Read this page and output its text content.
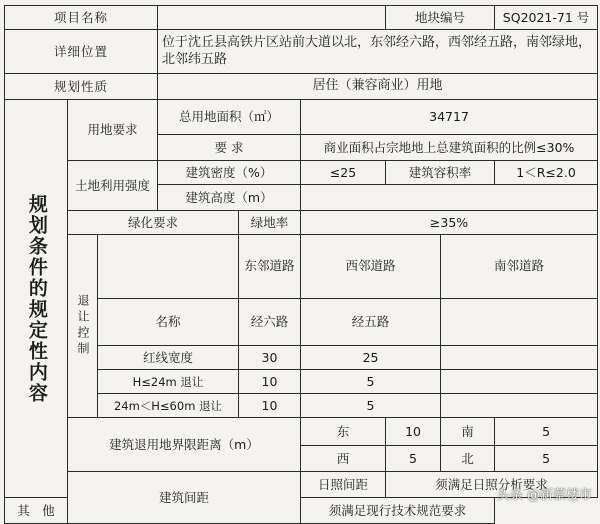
项目名称						地块编号		SQ2021-71 号	
详细位置			位于沈丘县高铁片区站前大道以北，东邻经六路，西邻经五路，南邻绿地，北邻纬五路						
规划性质			居住（兼容商业）用地						
规划条件的规定性内容	用地要求		总用地面积（㎡）		34717				
			要 求		商业面积占宗地地上总建筑面积的比例≤30%				
	土地利用强度		建筑密度（%）		≤25	建筑容积率		1＜R≤2.0	
			建筑高度（m）						
	绿化要求			绿地率	≥35%				
	退让控制			东邻道路	西邻道路		南邻道路	
		名称		经六路	经五路		
		红线宽度		30	25		
		H≤24m 退让		10	5		
		24m＜H≤60m 退让		10	5		
	建筑退用地界限距离（m）				东	10	南	5	
					西	5	北	5	
	建筑间距				日照间距	须满足日照分析要求			
其　他					须满足现行技术规范要求				
头条 @新蔡楼市
